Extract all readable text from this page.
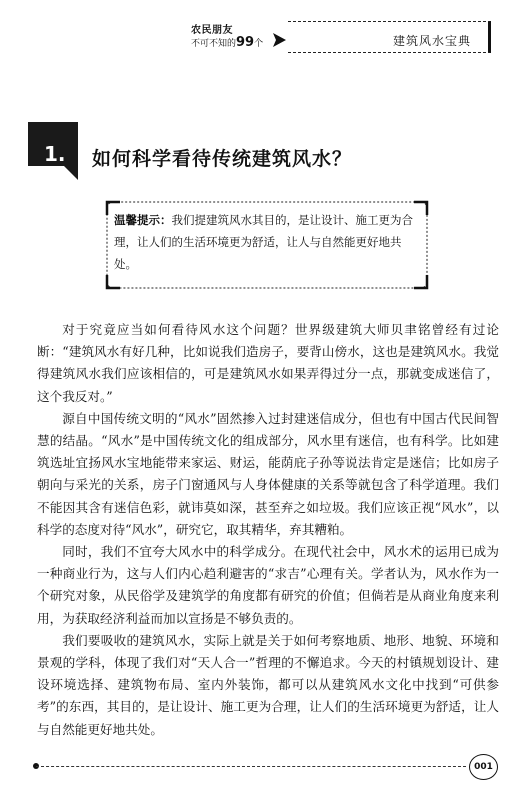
农民朋友
不可不知的99个	建筑风水宝典
1. 如何科学看待传统建筑风水？
温馨提示：我们提建筑风水其目的，是让设计、施工更为合理，让人们的生活环境更为舒适，让人与自然能更好地共处。

对于究竟应当如何看待风水这个问题？世界级建筑大师贝聿铭曾经有过论断：“建筑风水有好几种，比如说我们造房子，要背山傍水，这也是建筑风水。我觉得建筑风水我们应该相信的，可是建筑风水如果弄得过分一点，那就变成迷信了，这个我反对。”

源自中国传统文明的“风水”固然掺入过封建迷信成分，但也有中国古代民间智慧的结晶。“风水”是中国传统文化的组成部分，风水里有迷信，也有科学。比如建筑选址宜扬风水宝地能带来家运、财运，能荫庇子孙等说法肯定是迷信；比如房子朝向与采光的关系，房子门窗通风与人身体健康的关系等就包含了科学道理。我们不能因其含有迷信色彩，就讳莫如深，甚至弃之如垃圾。我们应该正视“风水”，以科学的态度对待“风水”，研究它，取其精华，弃其糟粕。

同时，我们不宜夸大风水中的科学成分。在现代社会中，风水术的运用已成为一种商业行为，这与人们内心趋利避害的“求吉”心理有关。学者认为，风水作为一个研究对象，从民俗学及建筑学的角度都有研究的价值；但倘若是从商业角度来利用，为获取经济利益而加以宣扬是不够负责的。

我们要吸收的建筑风水，实际上就是关于如何考察地质、地形、地貌、环境和景观的学科，体现了我们对“天人合一”哲理的不懈追求。今天的村镇规划设计、建设环境选择、建筑物布局、室内外装饰，都可以从建筑风水文化中找到“可供参考”的东西，其目的，是让设计、施工更为合理，让人们的生活环境更为舒适，让人与自然能更好地共处。

001
